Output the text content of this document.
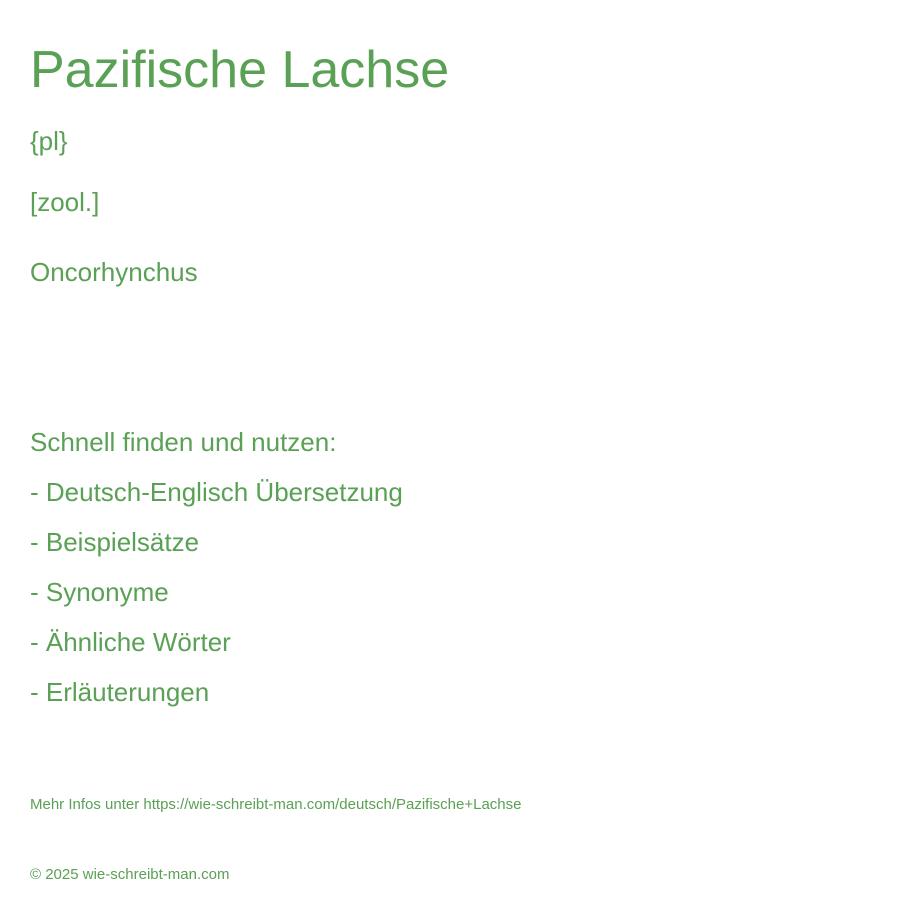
Pazifische Lachse
{pl}
[zool.]
Oncorhynchus
Schnell finden und nutzen:
- Deutsch-Englisch Übersetzung
- Beispielsätze
- Synonyme
- Ähnliche Wörter
- Erläuterungen
Mehr Infos unter https://wie-schreibt-man.com/deutsch/Pazifische+Lachse
© 2025 wie-schreibt-man.com
